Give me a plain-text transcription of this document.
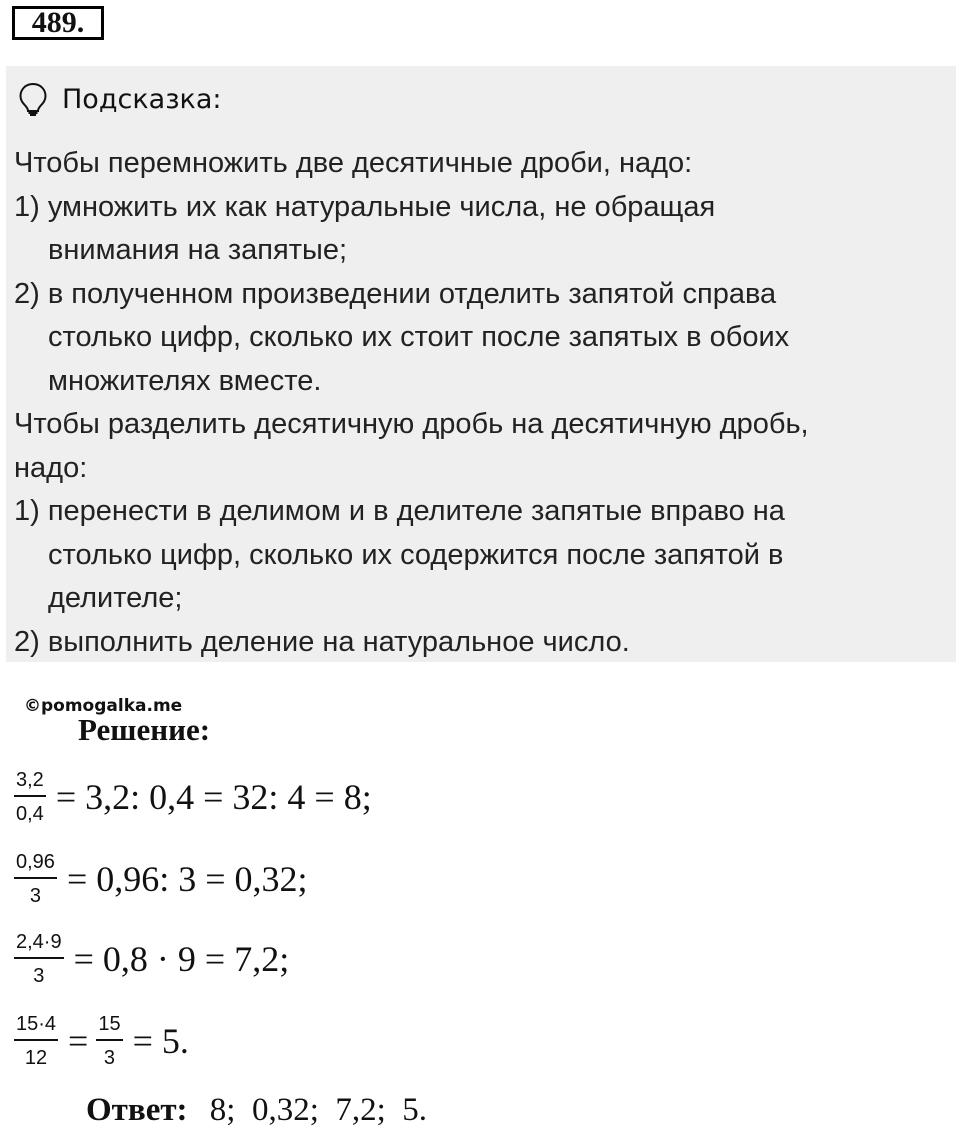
489.
Подсказка:
Чтобы перемножить две десятичные дроби, надо:
1) умножить их как натуральные числа, не обращая
внимания на запятые;
2) в полученном произведении отделить запятой справа
столько цифр, сколько их стоит после запятых в обоих
множителях вместе.
Чтобы разделить десятичную дробь на десятичную дробь,
надо:
1) перенести в делимом и в делителе запятые вправо на
столько цифр, сколько их содержится после запятой в
делителе;
2) выполнить деление на натуральное число.
©pomogalka.me
Решение:
$\frac{3,2}{0,4} = 3,2$: 0,4 = 32: 4 = 8;
$\frac{0,96}{3} = 0,96$: 3 = 0,32;
$\frac{2,4\cdot 9}{3} = 0,8 \cdot 9 = 7,2$;
$\frac{15\cdot 4}{12} = \frac{15}{3} = 5$.
Ответ: 8;  0,32;  7,2;  5.
